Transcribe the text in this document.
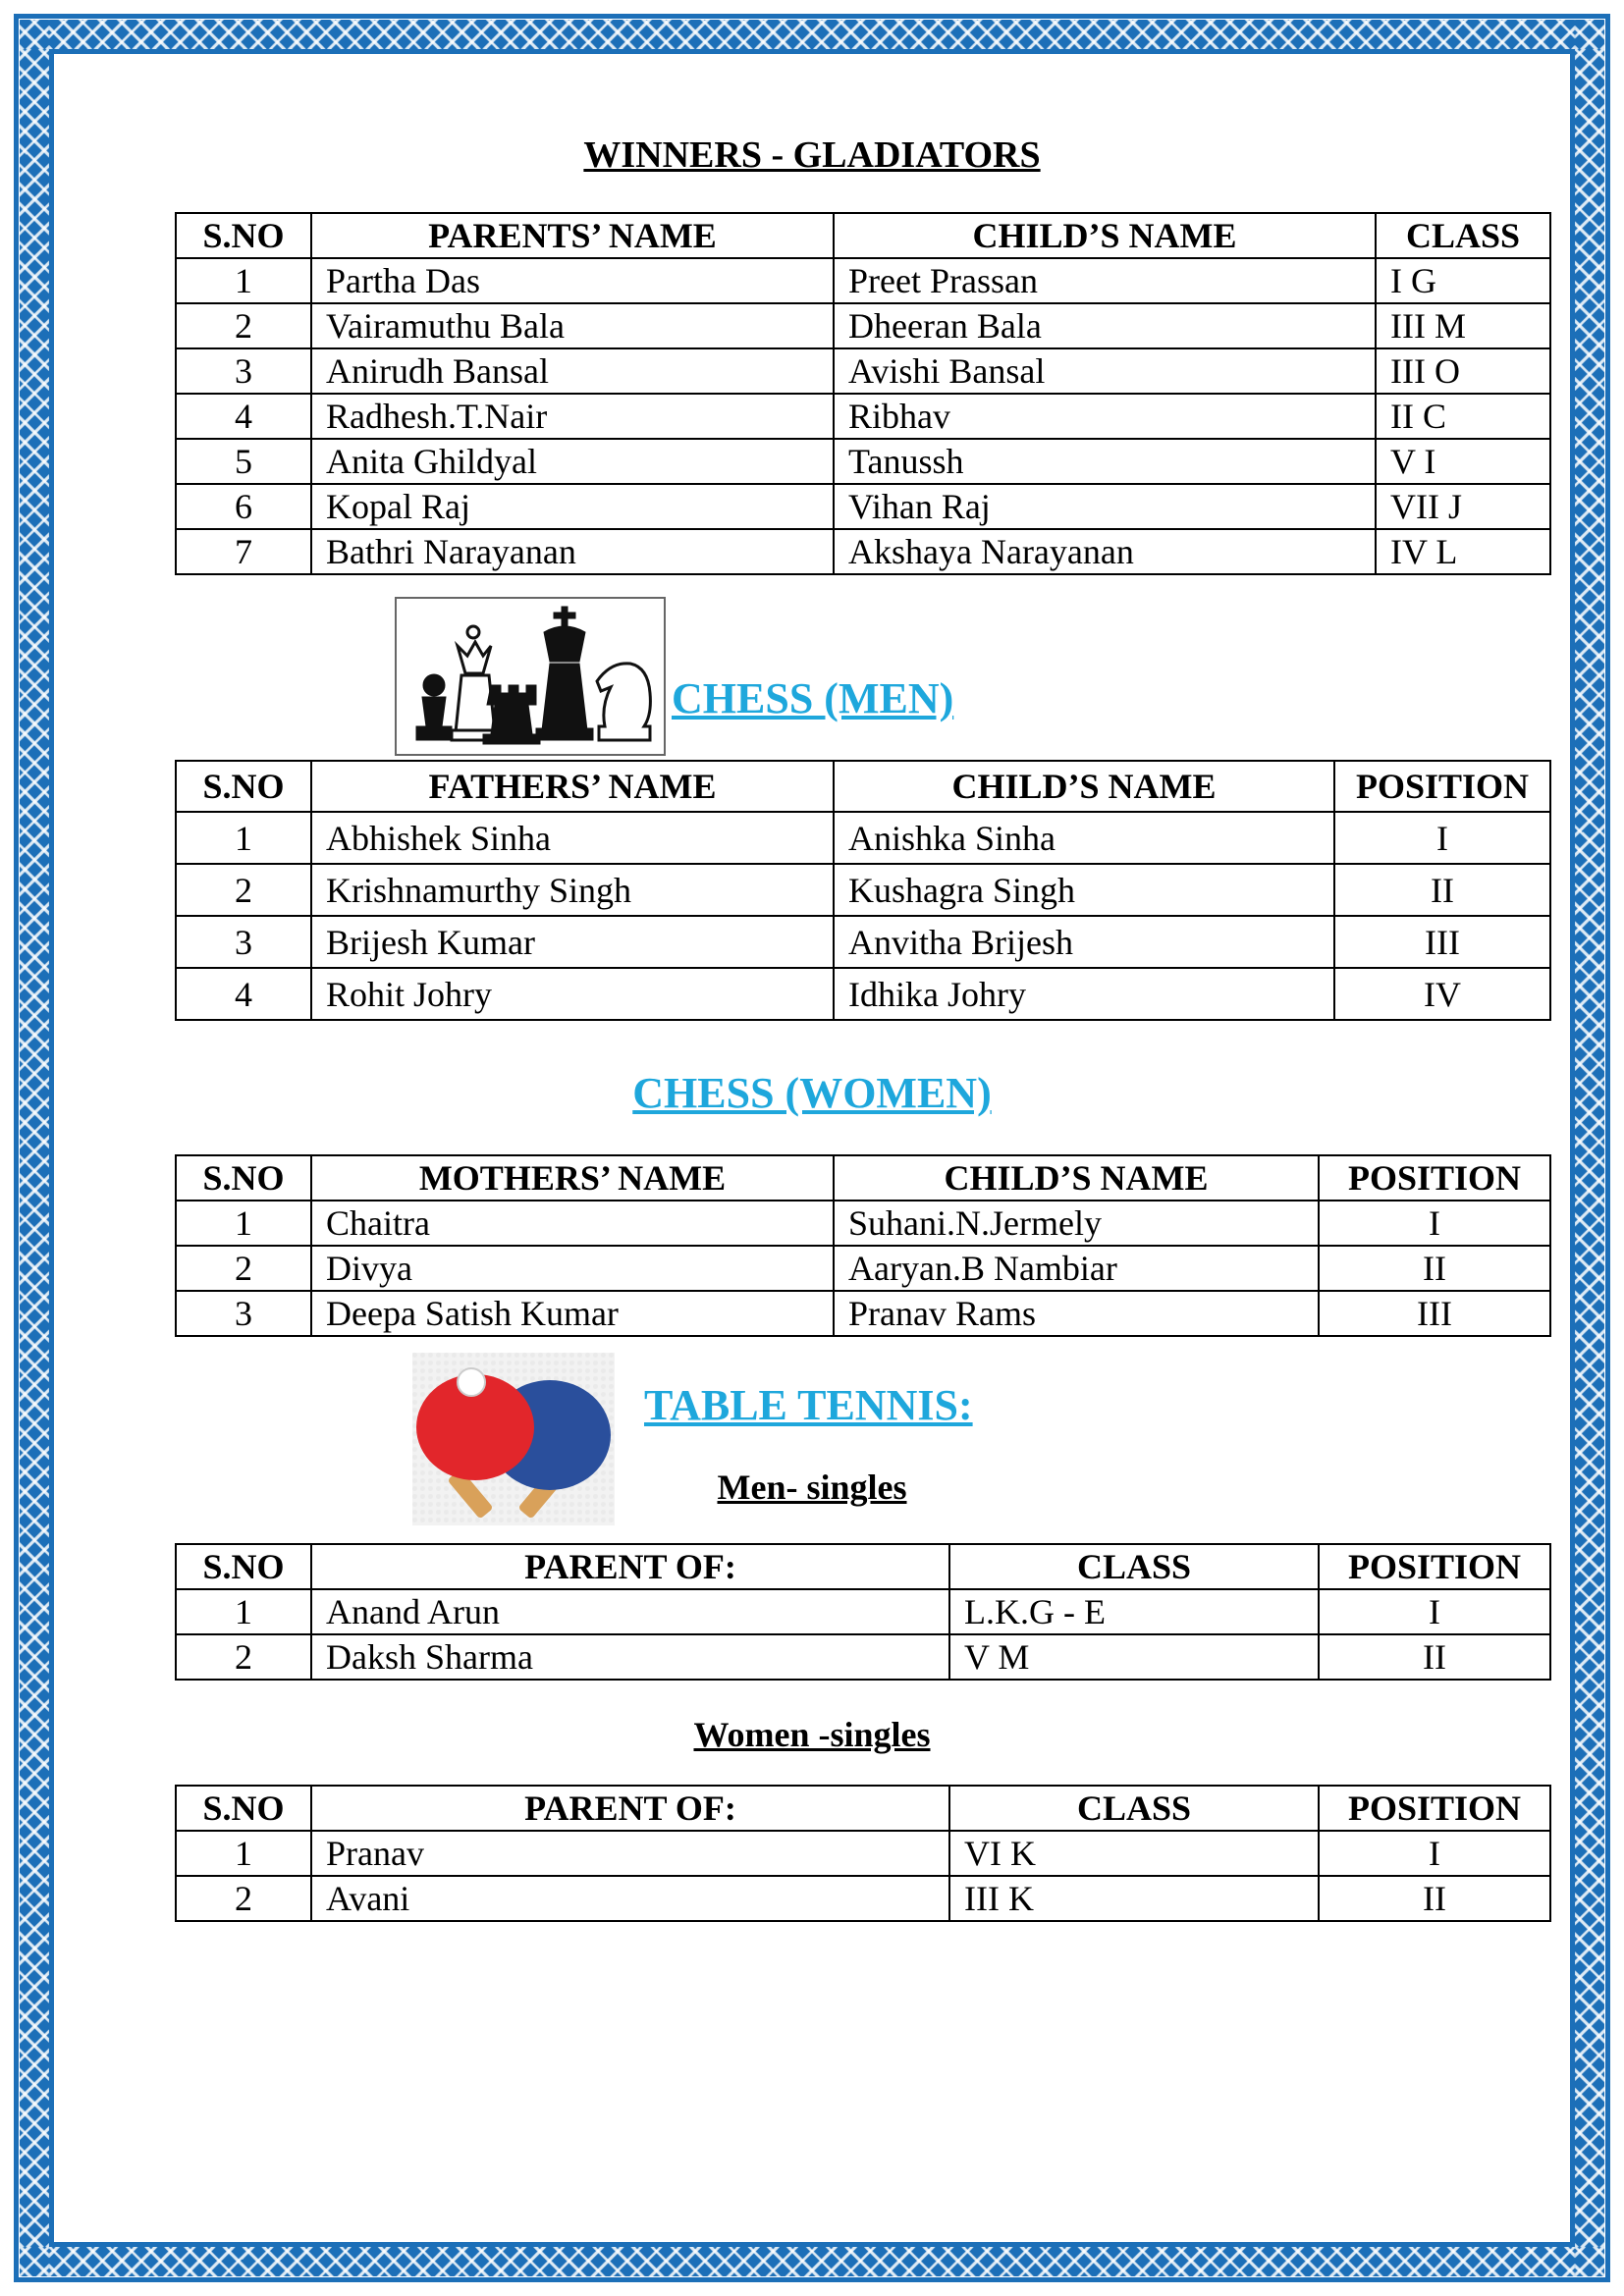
WINNERS - GLADIATORS
S.NO	PARENTS’ NAME	CHILD’S NAME	CLASS
1	Partha Das	Preet Prassan	I G
2	Vairamuthu Bala	Dheeran Bala	III M
3	Anirudh Bansal	Avishi Bansal	III O
4	Radhesh.T.Nair	Ribhav	II C
5	Anita Ghildyal	Tanussh	V I
6	Kopal Raj	Vihan Raj	VII J
7	Bathri Narayanan	Akshaya Narayanan	IV L
CHESS (MEN)
S.NO	FATHERS’ NAME	CHILD’S NAME	POSITION
1	Abhishek Sinha	Anishka Sinha	I
2	Krishnamurthy Singh	Kushagra Singh	II
3	Brijesh Kumar	Anvitha Brijesh	III
4	Rohit Johry	Idhika Johry	IV
CHESS (WOMEN)
S.NO	MOTHERS’ NAME	CHILD’S NAME	POSITION
1	Chaitra	Suhani.N.Jermely	I
2	Divya	Aaryan.B Nambiar	II
3	Deepa Satish Kumar	Pranav Rams	III
TABLE TENNIS:
Men- singles
S.NO	PARENT OF:	CLASS	POSITION
1	Anand Arun	L.K.G - E	I
2	Daksh Sharma	V M	II
Women -singles
S.NO	PARENT OF:	CLASS	POSITION
1	Pranav	VI K	I
2	Avani	III K	II
